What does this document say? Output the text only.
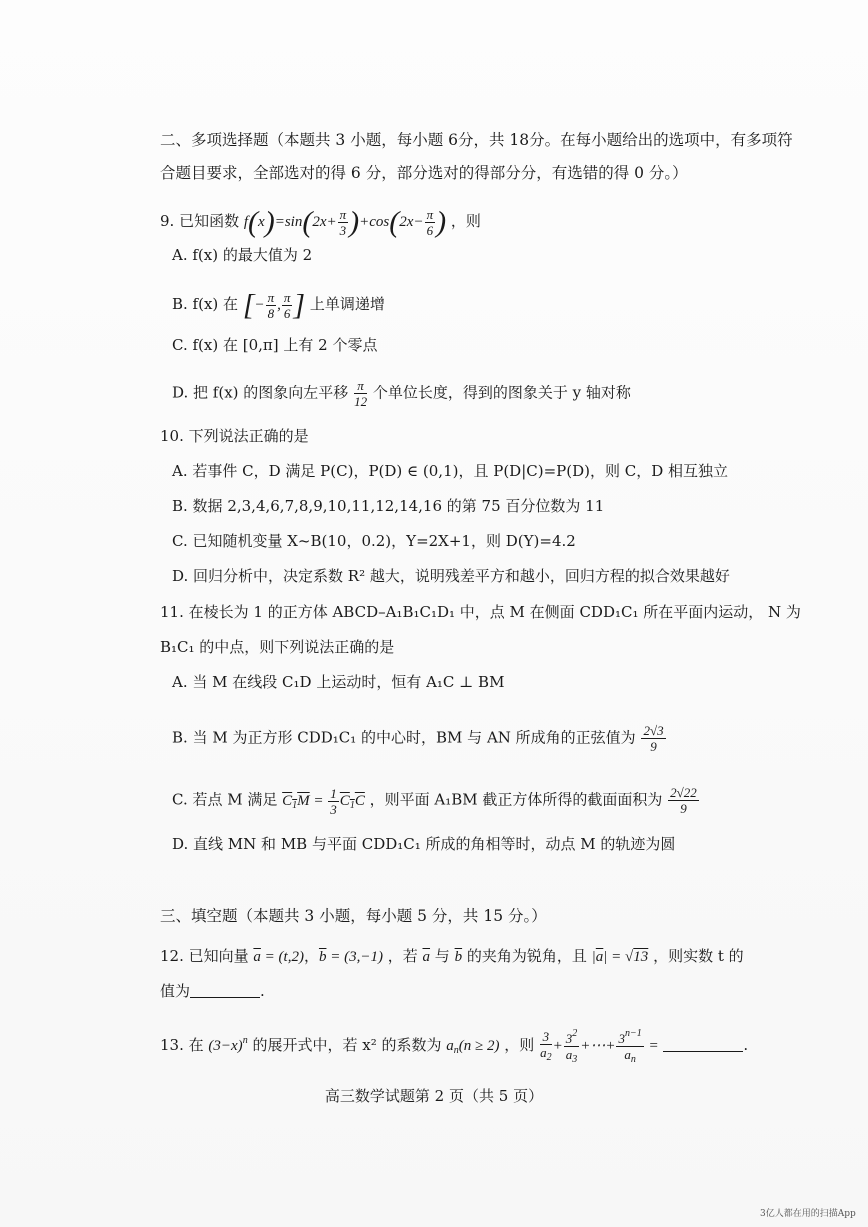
二、多项选择题（本题共 3 小题，每小题 6分，共 18分。在每小题给出的选项中，有多项符
合题目要求，全部选对的得 6 分，部分选对的得部分分，有选错的得 0 分。）
9. 已知函数 $f(x)=\sin(2x+ \frac{\pi}{3} )+\cos(2x- \frac{\pi}{6}$ ) ，则
A. f(x) 的最大值为 2
B. f(x) 在 [− $\frac{\pi}{8}$ , $\frac{\pi}{6}$ ] 上单调递增
C. f(x) 在 [0,π] 上有 2 个零点
D. 把 f(x) 的图象向左平移 $\frac{\pi}{12}$ 个单位长度，得到的图象关于 y 轴对称
10. 下列说法正确的是
A. 若事件 C，D 满足 P(C)，P(D) ∈ (0,1)，且 P(D|C)=P(D)，则 C，D 相互独立
B. 数据 2,3,4,6,7,8,9,10,11,12,14,16 的第 75 百分位数为 11
C. 已知随机变量 X~B(10，0.2)，Y=2X+1，则 D(Y)=4.2
D. 回归分析中，决定系数 R² 越大，说明残差平方和越小，回归方程的拟合效果越好
11. 在棱长为 1 的正方体 ABCD–A₁B₁C₁D₁ 中，点 M 在侧面 CDD₁C₁ 所在平面内运动， N 为
B₁C₁ 的中点，则下列说法正确的是
A. 当 M 在线段 C₁D 上运动时，恒有 A₁C ⊥ BM
B. 当 M 为正方形 CDD₁C₁ 的中心时，BM 与 AN 所成角的正弦值为 $\frac{2√3}{9}$
C. 若点 M 满足 $C_1M = \frac{1}{3} C_1C$ ，则平面 A₁BM 截正方体所得的截面面积为 $\frac{2√22}{9}$
D. 直线 MN 和 MB 与平面 CDD₁C₁ 所成的角相等时，动点 M 的轨迹为圆
三、填空题（本题共 3 小题，每小题 5 分，共 15 分。）
12. 已知向量 $\overline{a} = (t,2)$，$\overline{b} = (3,-1)$ ，若 $\overline{a}$ 与 $\overline{b}$ 的夹角为锐角，且 $|\overline{a}| = √13$ ，则实数 t 的
值为	.
13. 在 $(3-x)^n$ 的展开式中，若 x² 的系数为 $a_n(n \ge 2)$ ，则 $\frac{3}{a_2} + \frac{3^2}{a_3}$ +⋯+ $\frac{3^{n-1}}{a_n}$ =	.
高三数学试题第 2 页（共 5 页）
3亿人都在用的扫描App
